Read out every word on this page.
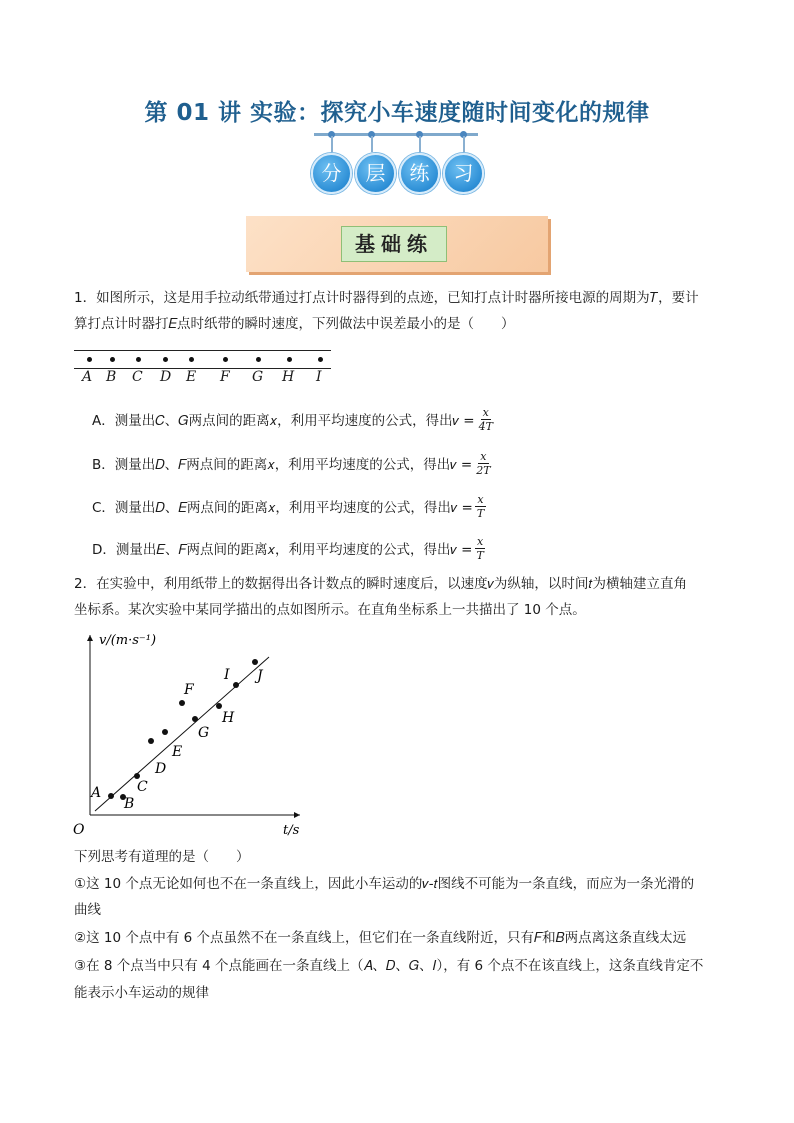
第 01 讲 实验：探究小车速度随时间变化的规律
分	层	练	习
基础练
1．如图所示，这是用手拉动纸带通过打点计时器得到的点迹，已知打点计时器所接电源的周期为𝑇，要计
算打点计时器打𝐸点时纸带的瞬时速度，下列做法中误差最小的是（　　）
A B C D E F G H I
A．测量出𝐶、𝐺两点间的距离𝑥，利用平均速度的公式，得出𝑣 = $\frac{x}{4T}$
B．测量出𝐷、𝐹两点间的距离𝑥，利用平均速度的公式，得出𝑣 = $\frac{x}{2T}$
C．测量出𝐷、𝐸两点间的距离𝑥，利用平均速度的公式，得出𝑣 = $\frac{x}{T}$
D．测量出𝐸、𝐹两点间的距离𝑥，利用平均速度的公式，得出𝑣 = $\frac{x}{T}$
2．在实验中，利用纸带上的数据得出各计数点的瞬时速度后，以速度𝑣为纵轴，以时间𝑡为横轴建立直角
坐标系。某次实验中某同学描出的点如图所示。在直角坐标系上一共描出了 10 个点。
v/(m·s⁻¹)
t/s
O
A
B
C
D
E
F
G
H
I J
下列思考有道理的是（　　）
①这 10 个点无论如何也不在一条直线上，因此小车运动的𝑣-𝑡图线不可能为一条直线，而应为一条光滑的
曲线
②这 10 个点中有 6 个点虽然不在一条直线上，但它们在一条直线附近，只有𝐹和𝐵两点离这条直线太远
③在 8 个点当中只有 4 个点能画在一条直线上（𝐴、𝐷、𝐺、𝐼），有 6 个点不在该直线上，这条直线肯定不
能表示小车运动的规律
